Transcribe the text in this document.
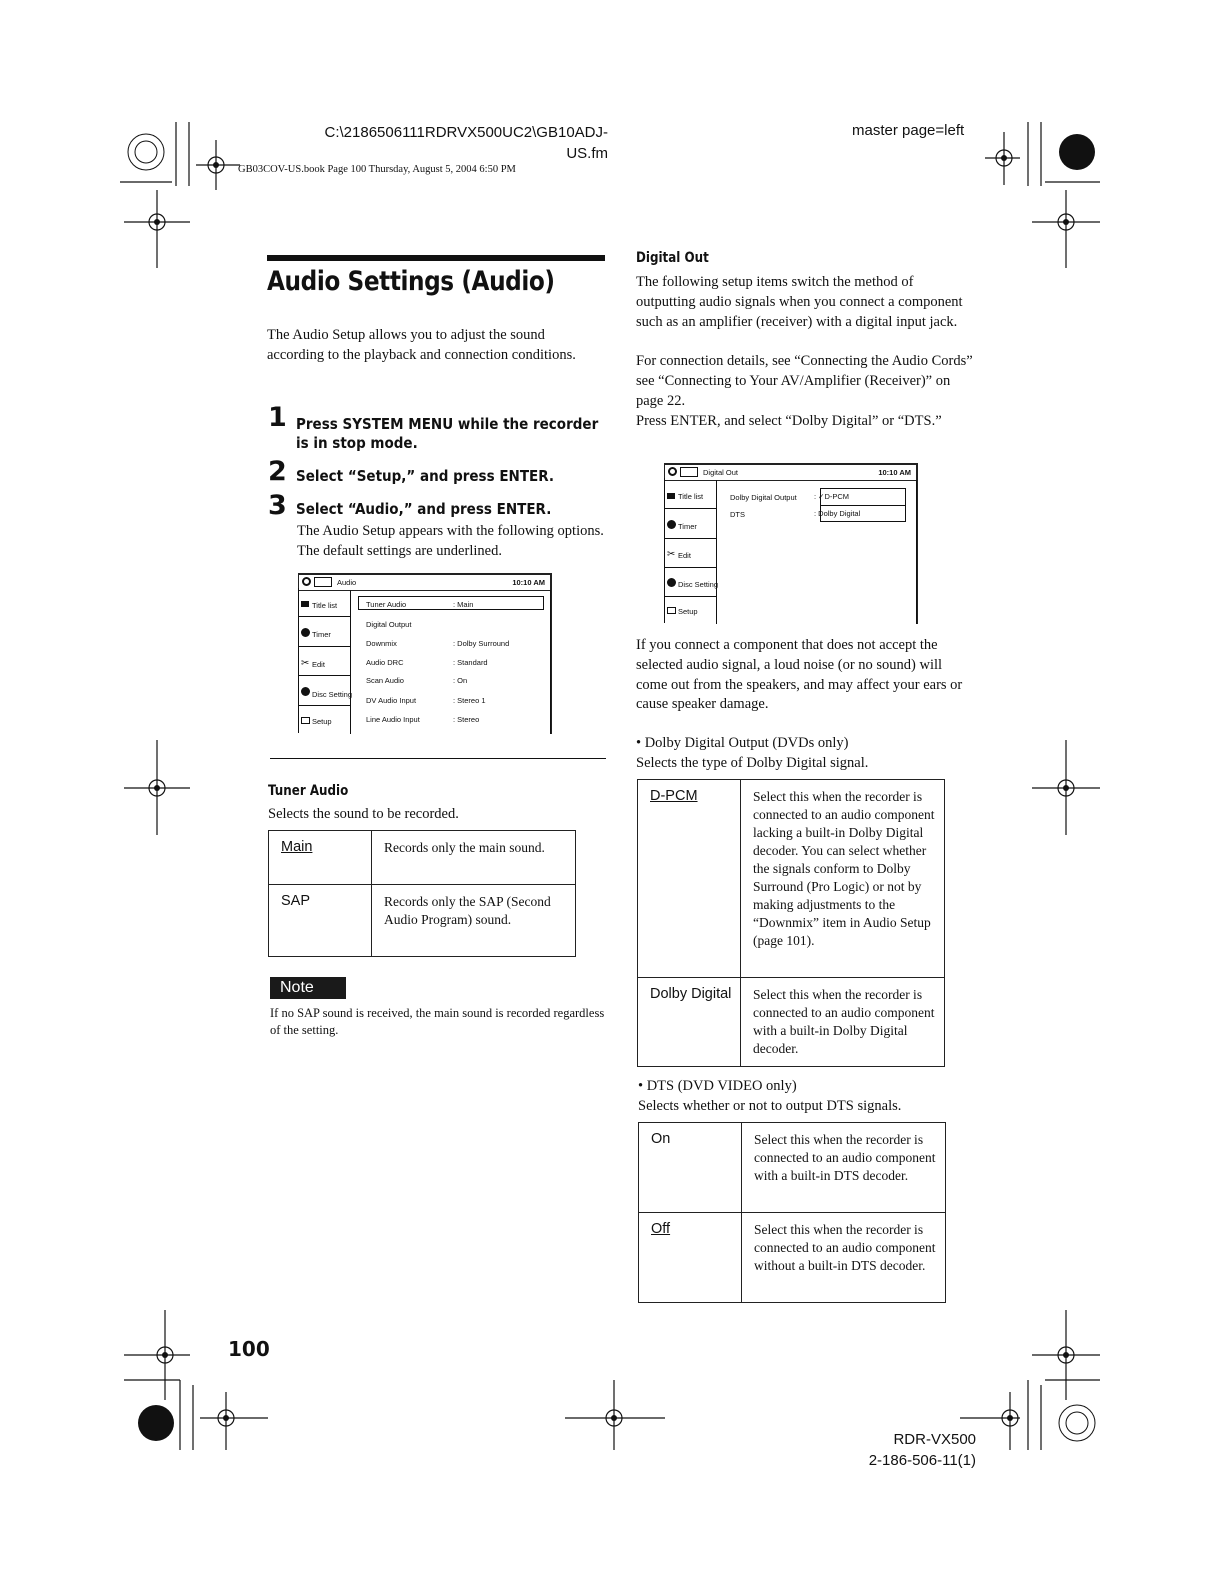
C:\2186506111RDRVX500UC2\GB10ADJ-
US.fm
GB03COV-US.book Page 100 Thursday, August 5, 2004 6:50 PM
master page=left
Audio Settings (Audio)
The Audio Setup allows you to adjust the sound according to the playback and connection conditions.
1 Press SYSTEM MENU while the recorder is in stop mode.
2 Select “Setup,” and press ENTER.
3 Select “Audio,” and press ENTER.
The Audio Setup appears with the following options. The default settings are underlined.
Audio	10:10 AM
Title list
Timer
Edit
✂
Disc Setting
Setup
Tuner Audio	: Main
Digital Output
Downmix	: Dolby Surround
Audio DRC	: Standard
Scan Audio	: On
DV Audio Input	: Stereo 1
Line Audio Input	: Stereo
Tuner Audio
Selects the sound to be recorded.
Main	Records only the main sound.
SAP	Records only the SAP (Second Audio Program) sound.
Note
If no SAP sound is received, the main sound is recorded regardless of the setting.
100
Digital Out
The following setup items switch the method of outputting audio signals when you connect a component such as an amplifier (receiver) with a digital input jack.
For connection details, see “Connecting the Audio Cords” see “Connecting to Your AV/Amplifier (Receiver)” on page 22.
Press ENTER, and select “Dolby Digital” or “DTS.”
Digital Out	10:10 AM
Title list
Timer
✂ Edit
Disc Setting
Setup
Dolby Digital Output : ✓D-PCM
DTS	: Dolby Digital
If you connect a component that does not accept the selected audio signal, a loud noise (or no sound) will come out from the speakers, and may affect your ears or cause speaker damage.
• Dolby Digital Output (DVDs only)
Selects the type of Dolby Digital signal.
D-PCM	Select this when the recorder is connected to an audio component lacking a built-in Dolby Digital decoder. You can select whether the signals conform to Dolby Surround (Pro Logic) or not by making adjustments to the “Downmix” item in Audio Setup (page 101).
Dolby Digital	Select this when the recorder is connected to an audio component with a built-in Dolby Digital decoder.
• DTS (DVD VIDEO only)
Selects whether or not to output DTS signals.
On	Select this when the recorder is connected to an audio component with a built-in DTS decoder.
Off	Select this when the recorder is connected to an audio component without a built-in DTS decoder.
RDR-VX500
2-186-506-11(1)
